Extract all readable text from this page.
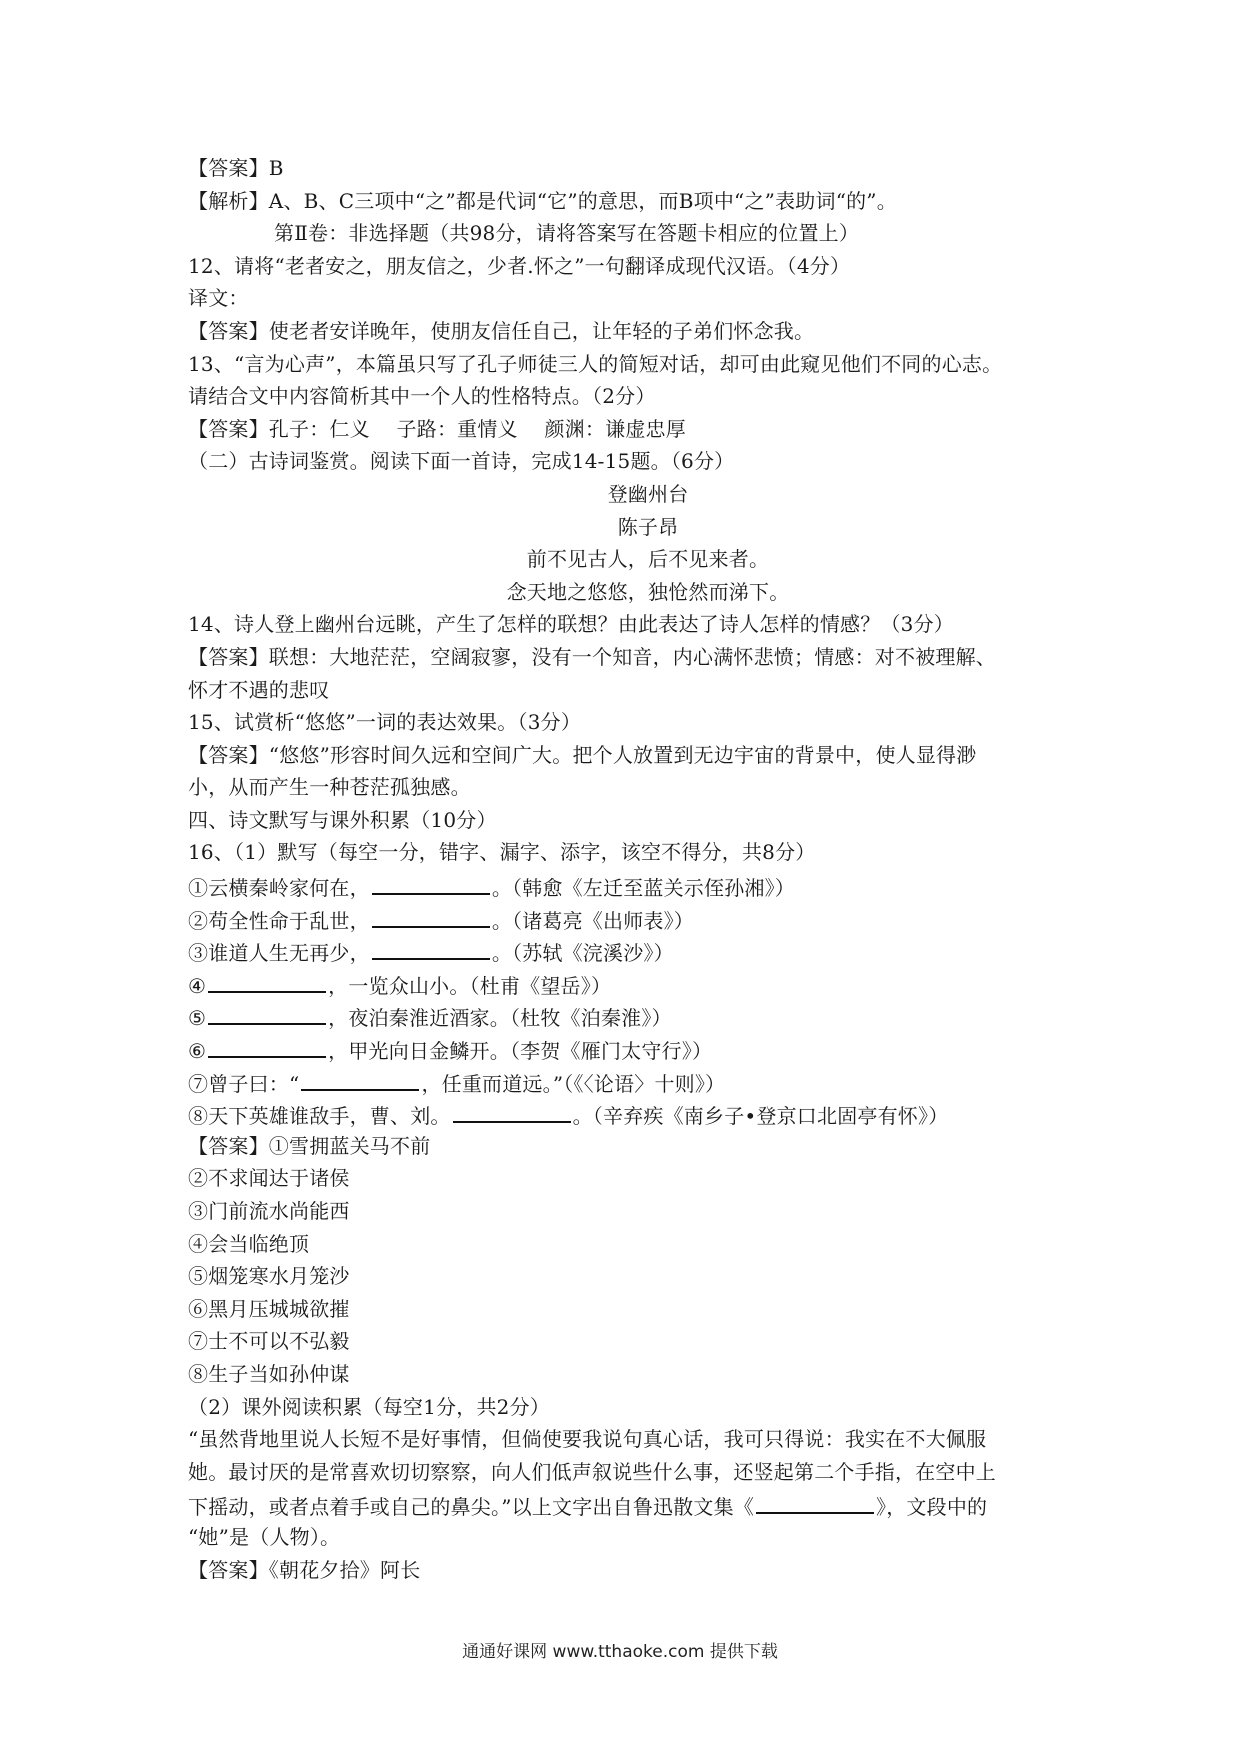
【答案】B
【解析】A、B、C三项中“之”都是代词“它”的意思，而B项中“之”表助词“的”。
第Ⅱ卷：非选择题（共98分，请将答案写在答题卡相应的位置上）
12、请将“老者安之，朋友信之，少者.怀之”一句翻译成现代汉语。（4分）
译文：
【答案】使老者安详晚年，使朋友信任自己，让年轻的子弟们怀念我。
13、“言为心声”，本篇虽只写了孔子师徒三人的简短对话，却可由此窥见他们不同的心志。
请结合文中内容简析其中一个人的性格特点。（2分）
【答案】孔子：仁义　 子路：重情义　 颜渊：谦虚忠厚
（二）古诗词鉴赏。阅读下面一首诗，完成14-15题。（6分）
登幽州台
陈子昂
前不见古人，后不见来者。
念天地之悠悠，独怆然而涕下。
14、诗人登上幽州台远眺，产生了怎样的联想？由此表达了诗人怎样的情感？（3分）
【答案】联想：大地茫茫，空阔寂寥，没有一个知音，内心满怀悲愤；情感：对不被理解、
怀才不遇的悲叹
15、试赏析“悠悠”一词的表达效果。（3分）
【答案】“悠悠”形容时间久远和空间广大。把个人放置到无边宇宙的背景中，使人显得渺
小，从而产生一种苍茫孤独感。
四、诗文默写与课外积累（10分）
16、（1）默写（每空一分，错字、漏字、添字，该空不得分，共8分）
①云横秦岭家何在，	。（韩愈《左迁至蓝关示侄孙湘》）
②苟全性命于乱世，	。（诸葛亮《出师表》）
③谁道人生无再少，	。（苏轼《浣溪沙》）
④	，一览众山小。（杜甫《望岳》）
⑤	，夜泊秦淮近酒家。（杜牧《泊秦淮》）
⑥	，甲光向日金鳞开。（李贺《雁门太守行》）
⑦曾子曰：“	，任重而道远。”（《〈论语〉十则》）
⑧天下英雄谁敌手，曹、刘。	。（辛弃疾《南乡子•登京口北固亭有怀》）
【答案】①雪拥蓝关马不前
②不求闻达于诸侯
③门前流水尚能西
④会当临绝顶
⑤烟笼寒水月笼沙
⑥黑月压城城欲摧
⑦士不可以不弘毅
⑧生子当如孙仲谋
（2）课外阅读积累（每空1分，共2分）
“虽然背地里说人长短不是好事情，但倘使要我说句真心话，我可只得说：我实在不大佩服
她。最讨厌的是常喜欢切切察察，向人们低声叙说些什么事，还竖起第二个手指，在空中上
下摇动，或者点着手或自己的鼻尖。”以上文字出自鲁迅散文集《	》，文段中的
“她”是（人物）。
【答案】《朝花夕拾》阿长
通通好课网 www.tthaoke.com 提供下载
